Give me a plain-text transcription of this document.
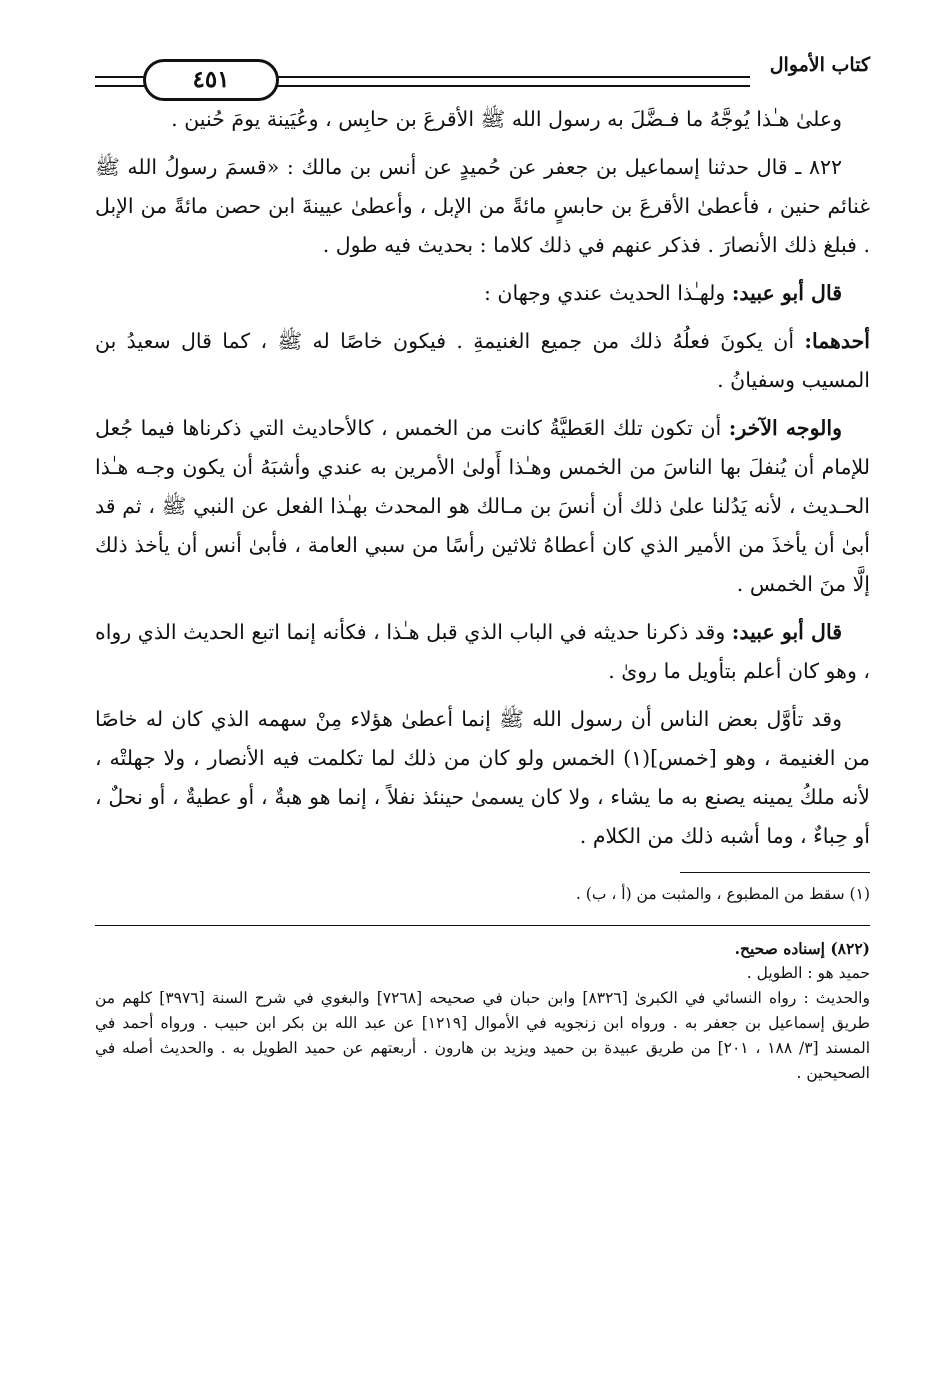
كتاب الأموال
٤٥١

وعلىٰ هـٰذا يُوجَّهُ ما فـضَّلَ به رسول الله ﷺ الأقرعَ بن حابِس ، وعُيَينة يومَ حُنين .

٨٢٢ ـ قال حدثنا إسماعيل بن جعفر عن حُميدٍ عن أنس بن مالك : «قسمَ رسولُ الله ﷺ غنائم حنين ، فأعطىٰ الأقرعَ بن حابسٍ مائةً من الإبل ، وأعطىٰ عيينةَ ابن حصن مائةً من الإبل . فبلغ ذلك الأنصارَ . فذكر عنهم في ذلك كلاما : بحديث فيه طول .

قال أبو عبيد: ولهـٰذا الحديث عندي وجهان :

أحدهما: أن يكونَ فعلُهُ ذلك من جميع الغنيمةِ . فيكون خاصًا له ﷺ ، كما قال سعيدُ بن المسيب وسفيانُ .

والوجه الآخر: أن تكون تلك العَطيَّةُ كانت من الخمس ، كالأحاديث التي ذكرناها فيما جُعل للإمام أن يُنفلَ بها الناسَ من الخمس وهـٰذا أَولىٰ الأمرين به عندي وأشبَهُ أن يكون وجـه هـٰذا الحـديث ، لأنه يَدُلنا علىٰ ذلك أن أنسَ بن مـالك هو المحدث بهـٰذا الفعل عن النبي ﷺ ، ثم قد أبىٰ أن يأخذَ من الأمير الذي كان أعطاهُ ثلاثين رأسًا من سبي العامة ، فأبىٰ أنس أن يأخذ ذلك إلَّا منَ الخمس .

قال أبو عبيد: وقد ذكرنا حديثه في الباب الذي قبل هـٰذا ، فكأنه إنما اتبع الحديث الذي رواه ، وهو كان أعلم بتأويل ما روىٰ .

وقد تأوَّل بعض الناس أن رسول الله ﷺ إنما أعطىٰ هؤلاء مِنْ سهمه الذي كان له خاصًا من الغنيمة ، وهو [خمس](١) الخمس ولو كان من ذلك لما تكلمت فيه الأنصار ، ولا جهلتْه ، لأنه ملكُ يمينه يصنع به ما يشاء ، ولا كان يسمىٰ حينئذ نفلاً ، إنما هو هبةٌ ، أو عطيةٌ ، أو نحلٌ ، أو حِباءٌ ، وما أشبه ذلك من الكلام .

(١) سقط من المطبوع ، والمثبت من (أ ، ب) .

(٨٢٢) إسناده صحيح.

حميد هو : الطويل .

والحديث : رواه النسائي في الكبرىٰ [٨٣٢٦] وابن حبان في صحيحه [٧٢٦٨] والبغوي في شرح السنة [٣٩٧٦] كلهم من طريق إسماعيل بن جعفر به . ورواه ابن زنجويه في الأموال [١٢١٩] عن عبد الله بن بكر ابن حبيب . ورواه أحمد في المسند [٣/ ١٨٨ ، ٢٠١] من طريق عبيدة بن حميد ويزيد بن هارون . أربعتهم عن حميد الطويل به . والحديث أصله في الصحيحين .
